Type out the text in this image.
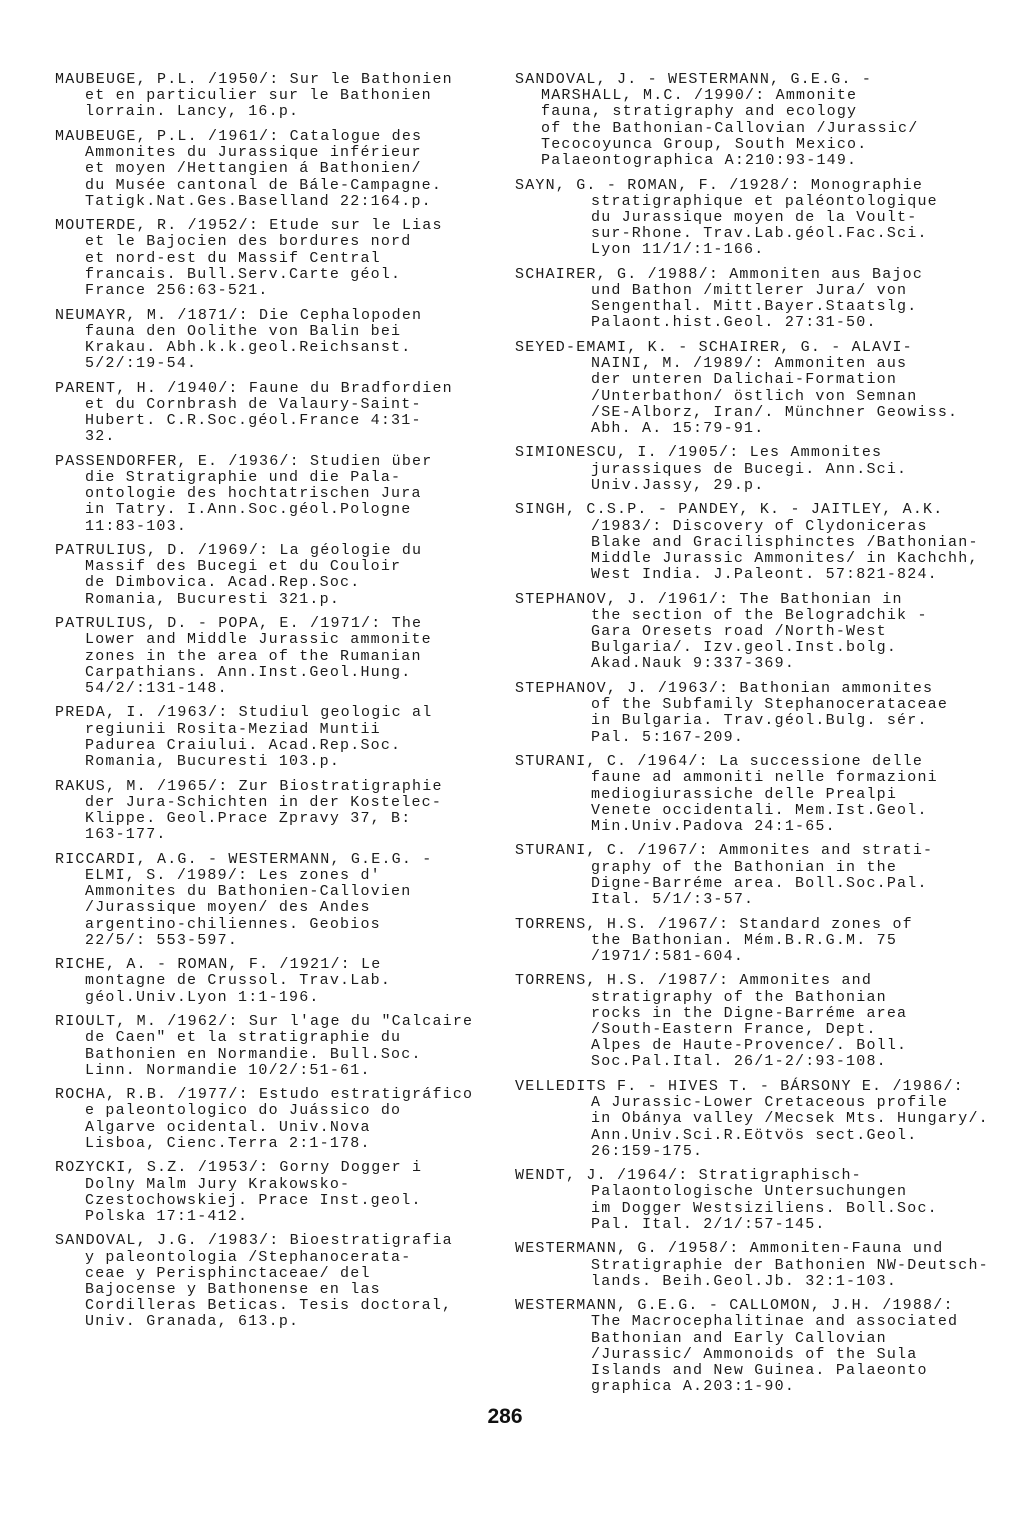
MAUBEUGE, P.L. /1950/: Sur le Bathonien
et en particulier sur le Bathonien
lorrain. Lancy, 16.p.
MAUBEUGE, P.L. /1961/: Catalogue des
Ammonites du Jurassique inférieur
et moyen /Hettangien á Bathonien/
du Musée cantonal de Bále-Campagne.
Tatigk.Nat.Ges.Baselland 22:164.p.
MOUTERDE, R. /1952/: Etude sur le Lias
et le Bajocien des bordures nord
et nord-est du Massif Central
francais. Bull.Serv.Carte géol.
France 256:63-521.
NEUMAYR, M. /1871/: Die Cephalopoden
fauna den Oolithe von Balin bei
Krakau. Abh.k.k.geol.Reichsanst.
5/2/:19-54.
PARENT, H. /1940/: Faune du Bradfordien
et du Cornbrash de Valaury-Saint-
Hubert. C.R.Soc.géol.France 4:31-
32.
PASSENDORFER, E. /1936/: Studien über
die Stratigraphie und die Pala-
ontologie des hochtatrischen Jura
in Tatry. I.Ann.Soc.géol.Pologne
11:83-103.
PATRULIUS, D. /1969/: La géologie du
Massif des Bucegi et du Couloir
de Dimbovica. Acad.Rep.Soc.
Romania, Bucuresti 321.p.
PATRULIUS, D. - POPA, E. /1971/: The
Lower and Middle Jurassic ammonite
zones in the area of the Rumanian
Carpathians. Ann.Inst.Geol.Hung.
54/2/:131-148.
PREDA, I. /1963/: Studiul geologic al
regiunii Rosita-Meziad Muntii
Padurea Craiului. Acad.Rep.Soc.
Romania, Bucuresti 103.p.
RAKUS, M. /1965/: Zur Biostratigraphie
der Jura-Schichten in der Kostelec-
Klippe. Geol.Prace Zpravy 37, B:
163-177.
RICCARDI, A.G. - WESTERMANN, G.E.G. -
ELMI, S. /1989/: Les zones d'
Ammonites du Bathonien-Callovien
/Jurassique moyen/ des Andes
argentino-chiliennes. Geobios
22/5/: 553-597.
RICHE, A. - ROMAN, F. /1921/: Le
montagne de Crussol. Trav.Lab.
géol.Univ.Lyon 1:1-196.
RIOULT, M. /1962/: Sur l'age du "Calcaire
de Caen" et la stratigraphie du
Bathonien en Normandie. Bull.Soc.
Linn. Normandie 10/2/:51-61.
ROCHA, R.B. /1977/: Estudo estratigráfico
e paleontologico do Juássico do
Algarve ocidental. Univ.Nova
Lisboa, Cienc.Terra 2:1-178.
ROZYCKI, S.Z. /1953/: Gorny Dogger i
Dolny Malm Jury Krakowsko-
Czestochowskiej. Prace Inst.geol.
Polska 17:1-412.
SANDOVAL, J.G. /1983/: Bioestratigrafia
y paleontologia /Stephanocerata-
ceae y Perisphinctaceae/ del
Bajocense y Bathonense en las
Cordilleras Beticas. Tesis doctoral,
Univ. Granada, 613.p.
SANDOVAL, J. - WESTERMANN, G.E.G. -
MARSHALL, M.C. /1990/: Ammonite
fauna, stratigraphy and ecology
of the Bathonian-Callovian /Jurassic/
Tecocoyunca Group, South Mexico.
Palaeontographica A:210:93-149.
SAYN, G. - ROMAN, F. /1928/: Monographie
stratigraphique et paléontologique
du Jurassique moyen de la Voult-
sur-Rhone. Trav.Lab.géol.Fac.Sci.
Lyon 11/1/:1-166.
SCHAIRER, G. /1988/: Ammoniten aus Bajoc
und Bathon /mittlerer Jura/ von
Sengenthal. Mitt.Bayer.Staatslg.
Palaont.hist.Geol. 27:31-50.
SEYED-EMAMI, K. - SCHAIRER, G. - ALAVI-
NAINI, M. /1989/: Ammoniten aus
der unteren Dalichai-Formation
/Unterbathon/ östlich von Semnan
/SE-Alborz, Iran/. Münchner Geowiss.
Abh. A. 15:79-91.
SIMIONESCU, I. /1905/: Les Ammonites
jurassiques de Bucegi. Ann.Sci.
Univ.Jassy, 29.p.
SINGH, C.S.P. - PANDEY, K. - JAITLEY, A.K.
/1983/: Discovery of Clydoniceras
Blake and Gracilisphinctes /Bathonian-
Middle Jurassic Ammonites/ in Kachchh,
West India. J.Paleont. 57:821-824.
STEPHANOV, J. /1961/: The Bathonian in
the section of the Belogradchik -
Gara Oresets road /North-West
Bulgaria/. Izv.geol.Inst.bolg.
Akad.Nauk 9:337-369.
STEPHANOV, J. /1963/: Bathonian ammonites
of the Subfamily Stephanocerataceae
in Bulgaria. Trav.géol.Bulg. sér.
Pal. 5:167-209.
STURANI, C. /1964/: La successione delle
faune ad ammoniti nelle formazioni
mediogiurassiche delle Prealpi
Venete occidentali. Mem.Ist.Geol.
Min.Univ.Padova 24:1-65.
STURANI, C. /1967/: Ammonites and strati-
graphy of the Bathonian in the
Digne-Barréme area. Boll.Soc.Pal.
Ital. 5/1/:3-57.
TORRENS, H.S. /1967/: Standard zones of
the Bathonian. Mém.B.R.G.M. 75
/1971/:581-604.
TORRENS, H.S. /1987/: Ammonites and
stratigraphy of the Bathonian
rocks in the Digne-Barréme area
/South-Eastern France, Dept.
Alpes de Haute-Provence/. Boll.
Soc.Pal.Ital. 26/1-2/:93-108.
VELLEDITS F. - HIVES T. - BÁRSONY E. /1986/:
A Jurassic-Lower Cretaceous profile
in Obánya valley /Mecsek Mts. Hungary/.
Ann.Univ.Sci.R.Eötvös sect.Geol.
26:159-175.
WENDT, J. /1964/: Stratigraphisch-
Palaontologische Untersuchungen
im Dogger Westsiziliens. Boll.Soc.
Pal. Ital. 2/1/:57-145.
WESTERMANN, G. /1958/: Ammoniten-Fauna und
Stratigraphie der Bathonien NW-Deutsch-
lands. Beih.Geol.Jb. 32:1-103.
WESTERMANN, G.E.G. - CALLOMON, J.H. /1988/:
The Macrocephalitinae and associated
Bathonian and Early Callovian
/Jurassic/ Ammonoids of the Sula
Islands and New Guinea. Palaeonto
graphica A.203:1-90.
286
